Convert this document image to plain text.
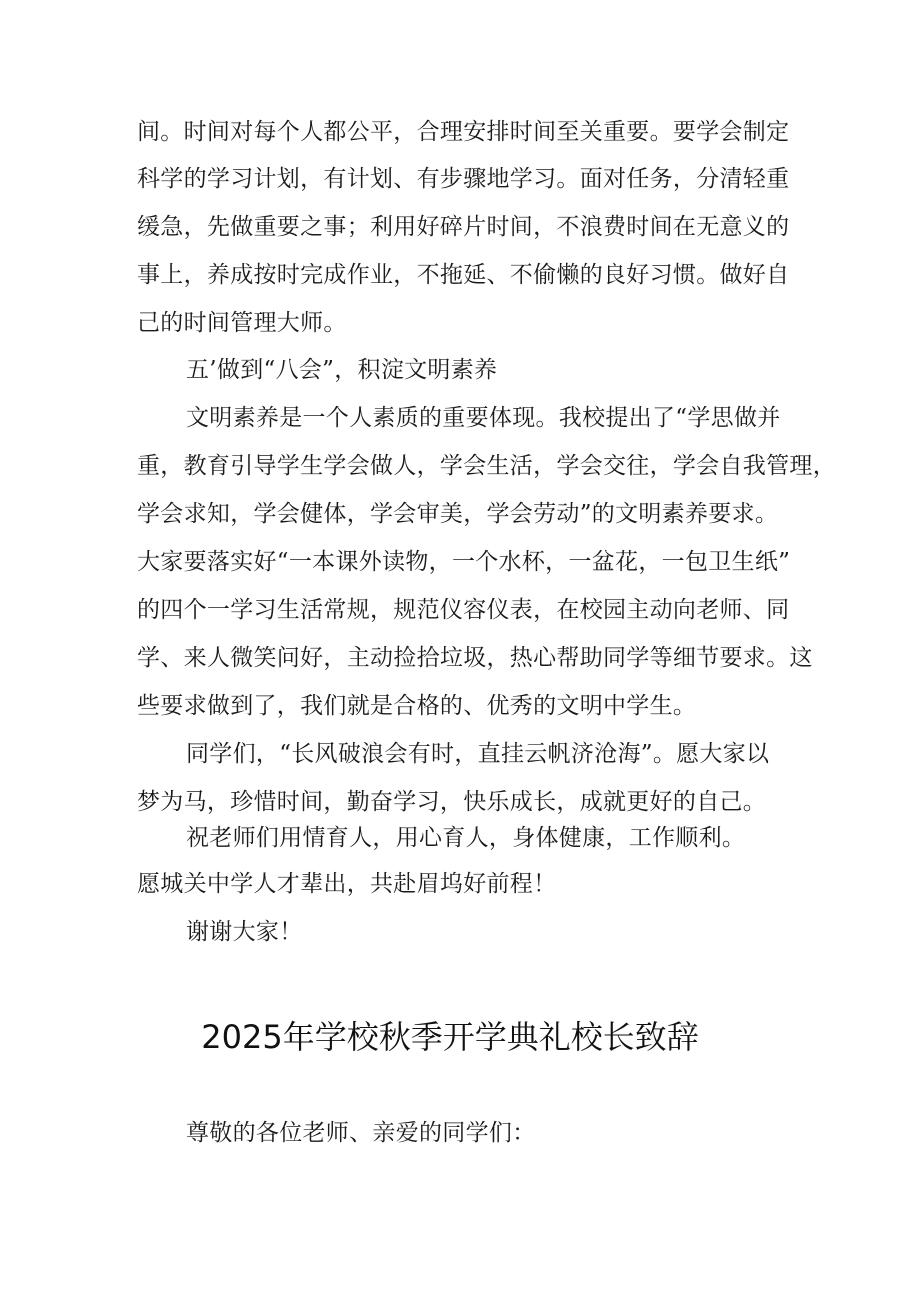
间。时间对每个人都公平，合理安排时间至关重要。要学会制定
科学的学习计划，有计划、有步骤地学习。面对任务，分清轻重
缓急，先做重要之事；利用好碎片时间，不浪费时间在无意义的
事上，养成按时完成作业，不拖延、不偷懒的良好习惯。做好自
己的时间管理大师。
五’做到“八会”，积淀文明素养
文明素养是一个人素质的重要体现。我校提出了“学思做并
重，教育引导学生学会做人，学会生活，学会交往，学会自我管理，
学会求知，学会健体，学会审美，学会劳动”的文明素养要求。
大家要落实好“一本课外读物，一个水杯，一盆花，一包卫生纸”
的四个一学习生活常规，规范仪容仪表，在校园主动向老师、同
学、来人微笑问好，主动捡拾垃圾，热心帮助同学等细节要求。这
些要求做到了，我们就是合格的、优秀的文明中学生。
同学们，“长风破浪会有时，直挂云帆济沧海”。愿大家以
梦为马，珍惜时间，勤奋学习，快乐成长，成就更好的自己。
祝老师们用情育人，用心育人，身体健康，工作顺利。
愿城关中学人才辈出，共赴眉坞好前程！
谢谢大家！
2025年学校秋季开学典礼校长致辞
尊敬的各位老师、亲爱的同学们：
